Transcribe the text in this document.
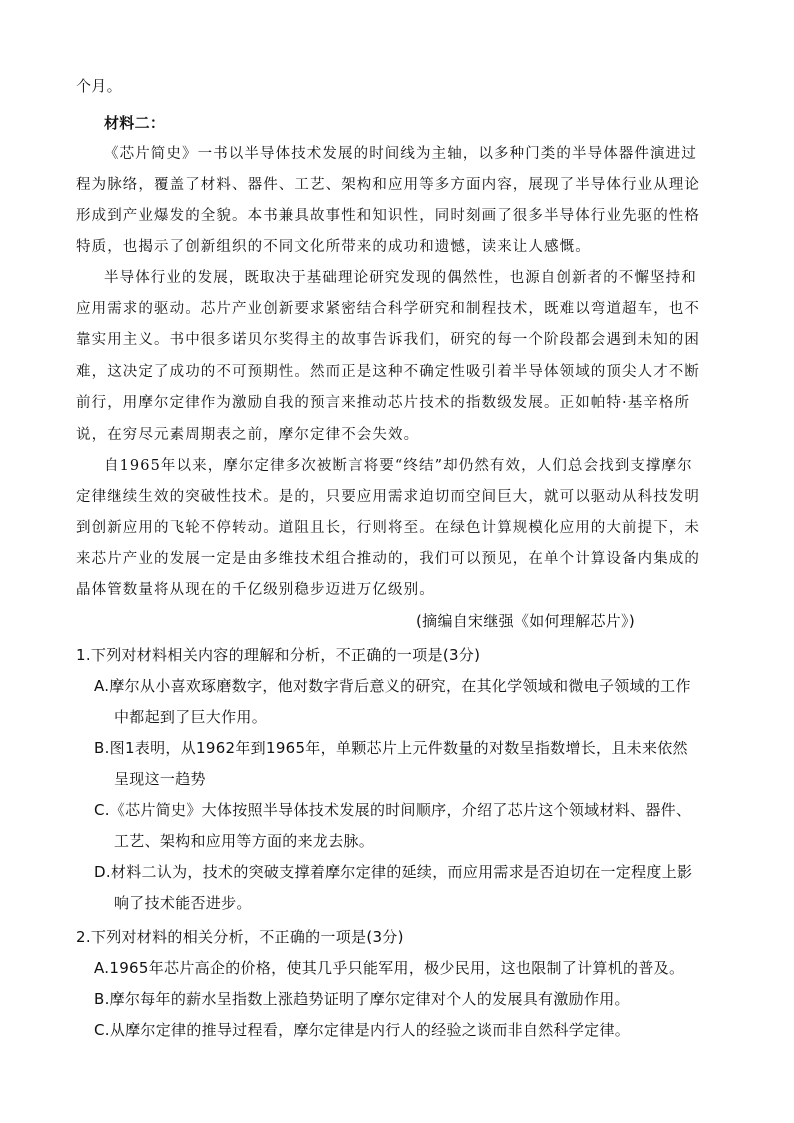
个月。
材料二：
《芯片简史》一书以半导体技术发展的时间线为主轴，以多种门类的半导体器件演进过
程为脉络，覆盖了材料、器件、工艺、架构和应用等多方面内容，展现了半导体行业从理论
形成到产业爆发的全貌。本书兼具故事性和知识性，同时刻画了很多半导体行业先驱的性格
特质，也揭示了创新组织的不同文化所带来的成功和遗憾，读来让人感慨。
半导体行业的发展，既取决于基础理论研究发现的偶然性，也源自创新者的不懈坚持和
应用需求的驱动。芯片产业创新要求紧密结合科学研究和制程技术，既难以弯道超车，也不
靠实用主义。书中很多诺贝尔奖得主的故事告诉我们，研究的每一个阶段都会遇到未知的困
难，这决定了成功的不可预期性。然而正是这种不确定性吸引着半导体领域的顶尖人才不断
前行，用摩尔定律作为激励自我的预言来推动芯片技术的指数级发展。正如帕特·基辛格所
说，在穷尽元素周期表之前，摩尔定律不会失效。
自1965年以来，摩尔定律多次被断言将要“终结”却仍然有效，人们总会找到支撑摩尔
定律继续生效的突破性技术。是的，只要应用需求迫切而空间巨大，就可以驱动从科技发明
到创新应用的飞轮不停转动。道阻且长，行则将至。在绿色计算规模化应用的大前提下，未
来芯片产业的发展一定是由多维技术组合推动的，我们可以预见，在单个计算设备内集成的
晶体管数量将从现在的千亿级别稳步迈进万亿级别。
(摘编自宋继强《如何理解芯片》)
1.下列对材料相关内容的理解和分析，不正确的一项是(3分)
A.摩尔从小喜欢琢磨数字，他对数字背后意义的研究，在其化学领域和微电子领域的工作
中都起到了巨大作用。
B.图1表明，从1962年到1965年，单颗芯片上元件数量的对数呈指数增长，且未来依然
呈现这一趋势
C.《芯片简史》大体按照半导体技术发展的时间顺序，介绍了芯片这个领域材料、器件、
工艺、架构和应用等方面的来龙去脉。
D.材料二认为，技术的突破支撑着摩尔定律的延续，而应用需求是否迫切在一定程度上影
响了技术能否进步。
2.下列对材料的相关分析，不正确的一项是(3分)
A.1965年芯片高企的价格，使其几乎只能军用，极少民用，这也限制了计算机的普及。
B.摩尔每年的薪水呈指数上涨趋势证明了摩尔定律对个人的发展具有激励作用。
C.从摩尔定律的推导过程看，摩尔定律是内行人的经验之谈而非自然科学定律。
